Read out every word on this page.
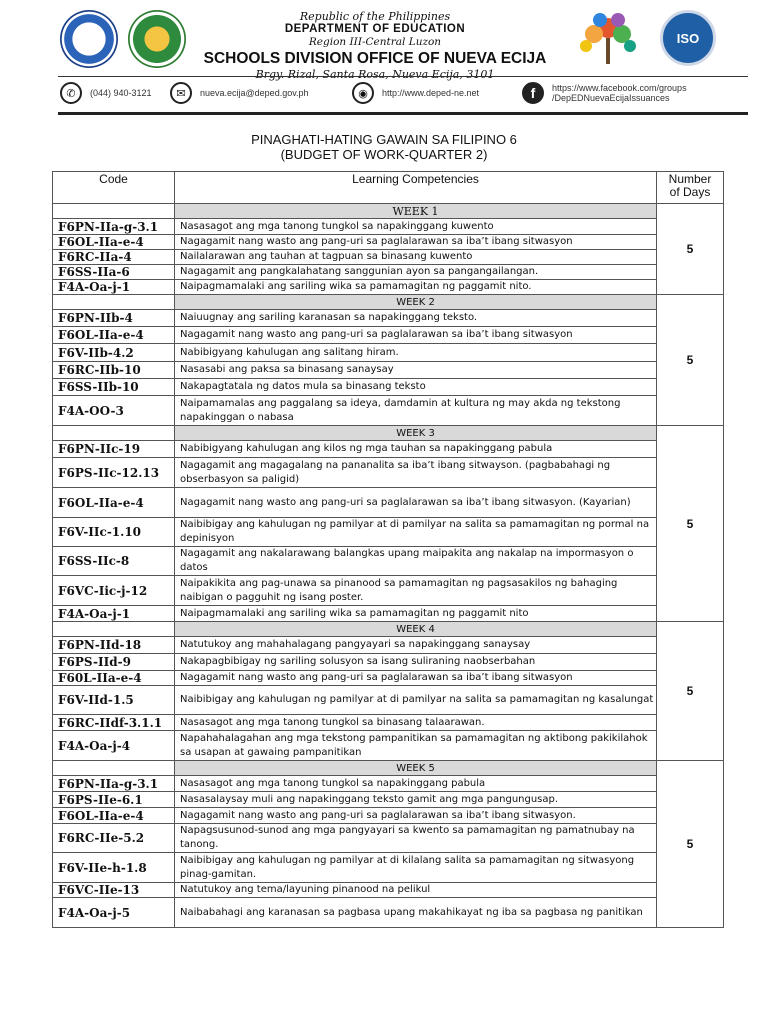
Republic of the Philippines
DEPARTMENT OF EDUCATION
Region III-Central Luzon
SCHOOLS DIVISION OFFICE OF NUEVA ECIJA
Brgy. Rizal, Santa Rosa, Nueva Ecija, 3101
ISO
✆	(044) 940-3121	✉	nueva.ecija@deped.gov.ph	◉	http://www.deped-ne.net	f	https://www.facebook.com/groups
/DepEDNuevaEcijaIssuances
PINAGHATI-HATING GAWAIN SA FILIPINO 6
(BUDGET OF WORK-QUARTER 2)
Code	Learning Competencies	Number
of Days
	WEEK 1	5
F6PN-IIa-g-3.1	Nasasagot ang mga tanong tungkol sa napakinggang kuwento	
F6OL-IIa-e-4	Nagagamit nang wasto ang pang-uri sa paglalarawan sa iba’t ibang sitwasyon	
F6RC-IIa-4	Nailalarawan ang tauhan at tagpuan sa binasang kuwento	
F6SS-IIa-6	Nagagamit ang pangkalahatang sanggunian ayon sa pangangailangan.	
F4A-Oa-j-1	Naipagmamalaki ang sariling wika sa pamamagitan ng paggamit nito.	
	WEEK 2	5
F6PN-IIb-4	Naiuugnay ang sariling karanasan sa napakinggang teksto.	
F6OL-IIa-e-4	Nagagamit nang wasto ang pang-uri sa paglalarawan sa iba’t ibang sitwasyon	
F6V-IIb-4.2	Nabibigyang kahulugan ang salitang hiram.	
F6RC-IIb-10	Nasasabi ang paksa sa binasang sanaysay	
F6SS-IIb-10	Nakapagtatala ng datos mula sa binasang teksto	
F4A-OO-3	Naipamamalas ang paggalang sa ideya, damdamin at kultura ng may akda ng tekstong napakinggan o nabasa	
	WEEK 3	5
F6PN-IIc-19	Nabibigyang kahulugan ang kilos ng mga tauhan sa napakinggang pabula	
F6PS-IIc-12.13	Nagagamit ang magagalang na pananalita sa iba’t ibang sitwayson. (pagbabahagi ng obserbasyon sa paligid)	
F6OL-IIa-e-4	Nagagamit nang wasto ang pang-uri sa paglalarawan sa iba’t ibang sitwasyon. (Kayarian)	
F6V-IIc-1.10	Naibibigay ang kahulugan ng pamilyar at di pamilyar na salita sa pamamagitan ng pormal na depinisyon	
F6SS-IIc-8	Nagagamit ang nakalarawang balangkas upang maipakita ang nakalap na impormasyon o datos	
F6VC-Iic-j-12	Naipakikita ang pag-unawa sa pinanood sa pamamagitan ng pagsasakilos ng bahaging naibigan o pagguhit ng isang poster.	
F4A-Oa-j-1	Naipagmamalaki ang sariling wika sa pamamagitan ng paggamit nito	
	WEEK 4	5
F6PN-IId-18	Natutukoy ang mahahalagang pangyayari sa napakinggang sanaysay	
F6PS-IId-9	Nakapagbibigay ng sariling solusyon sa isang suliraning naobserbahan	
F60L-IIa-e-4	Nagagamit nang wasto ang pang-uri sa paglalarawan sa iba’t ibang sitwasyon	
F6V-IId-1.5	Naibibigay ang kahulugan ng pamilyar at di pamilyar na salita sa pamamagitan ng kasalungat	
F6RC-IIdf-3.1.1	Nasasagot ang mga tanong tungkol sa binasang talaarawan.	
F4A-Oa-j-4	Napahahalagahan ang mga tekstong pampanitikan sa pamamagitan ng aktibong pakikilahok sa usapan at gawaing pampanitikan	
	WEEK 5	5
F6PN-IIa-g-3.1	Nasasagot ang mga tanong tungkol sa napakinggang pabula	
F6PS-IIe-6.1	Nasasalaysay muli ang napakinggang teksto gamit ang mga pangungusap.	
F6OL-IIa-e-4	Nagagamit nang wasto ang pang-uri sa paglalarawan sa iba’t ibang sitwasyon.	
F6RC-IIe-5.2	Napagsusunod-sunod ang mga pangyayari sa kwento sa pamamagitan ng pamatnubay na tanong.	
F6V-IIe-h-1.8	Naibibigay ang kahulugan ng pamilyar at di kilalang salita sa pamamagitan ng sitwasyong pinag-gamitan.	
F6VC-IIe-13	Natutukoy ang tema/layuning pinanood na pelikul	
F4A-Oa-j-5	Naibabahagi ang karanasan sa pagbasa upang makahikayat ng iba sa pagbasa ng panitikan	
